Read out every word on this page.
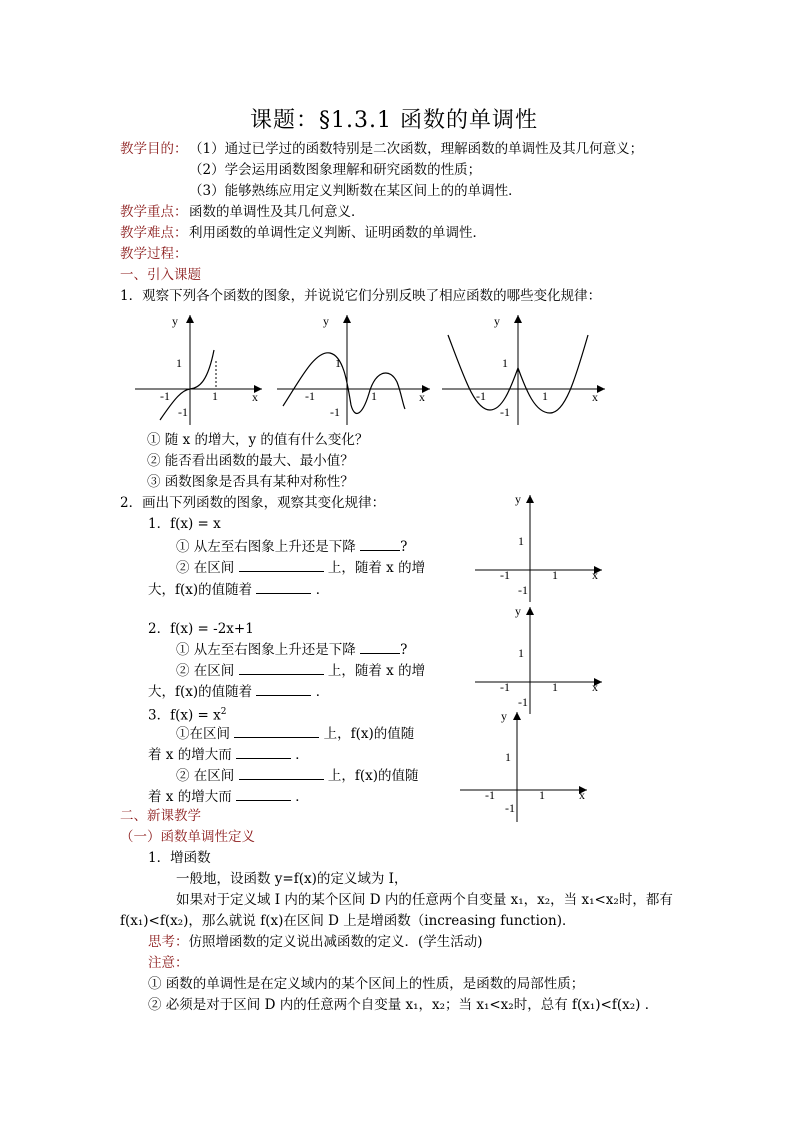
课题：§1.3.1 函数的单调性
教学目的： （1）通过已学过的函数特别是二次函数，理解函数的单调性及其几何意义；
（2）学会运用函数图象理解和研究函数的性质；
（3）能够熟练应用定义判断数在某区间上的的单调性．
教学重点： 函数的单调性及其几何意义．
教学难点： 利用函数的单调性定义判断、证明函数的单调性．
教学过程：
一、引入课题
1．观察下列各个函数的图象，并说说它们分别反映了相应函数的哪些变化规律：
y
1
-1	1
-1
x
y
1
-1	1
-1
x
y
1
-1	1
-1
x
① 随 x 的增大，y 的值有什么变化？
② 能否看出函数的最大、最小值？
③ 函数图象是否具有某种对称性？
2．画出下列函数的图象，观察其变化规律：
1．f(x) = x
① 从左至右图象上升还是下降	?
② 在区间	上，随着 x 的增
大，f(x)的值随着	．
2．f(x) = -2x+1
① 从左至右图象上升还是下降	?
② 在区间	上，随着 x 的增
大，f(x)的值随着	．
3．$f(x) = x^2$
①在区间	上，f(x)的值随
着 x 的增大而	．
② 在区间	上，f(x)的值随
着 x 的增大而	．
y
1
-1	1
-1
x
y
1
-1	1
-1
x
y
1
-1	1
-1
x
二、新课教学
（一）函数单调性定义
1．增函数
一般地，设函数 y=f(x)的定义域为 I，
如果对于定义域 I 内的某个区间 D 内的任意两个自变量 x₁，x₂，当 x₁<x₂时，都有
f(x₁)<f(x₂)，那么就说 f(x)在区间 D 上是增函数（increasing function)．
思考：仿照增函数的定义说出减函数的定义．(学生活动)
注意：
① 函数的单调性是在定义域内的某个区间上的性质，是函数的局部性质；
② 必须是对于区间 D 内的任意两个自变量 x₁，x₂；当 x₁<x₂时，总有 f(x₁)<f(x₂) ．
